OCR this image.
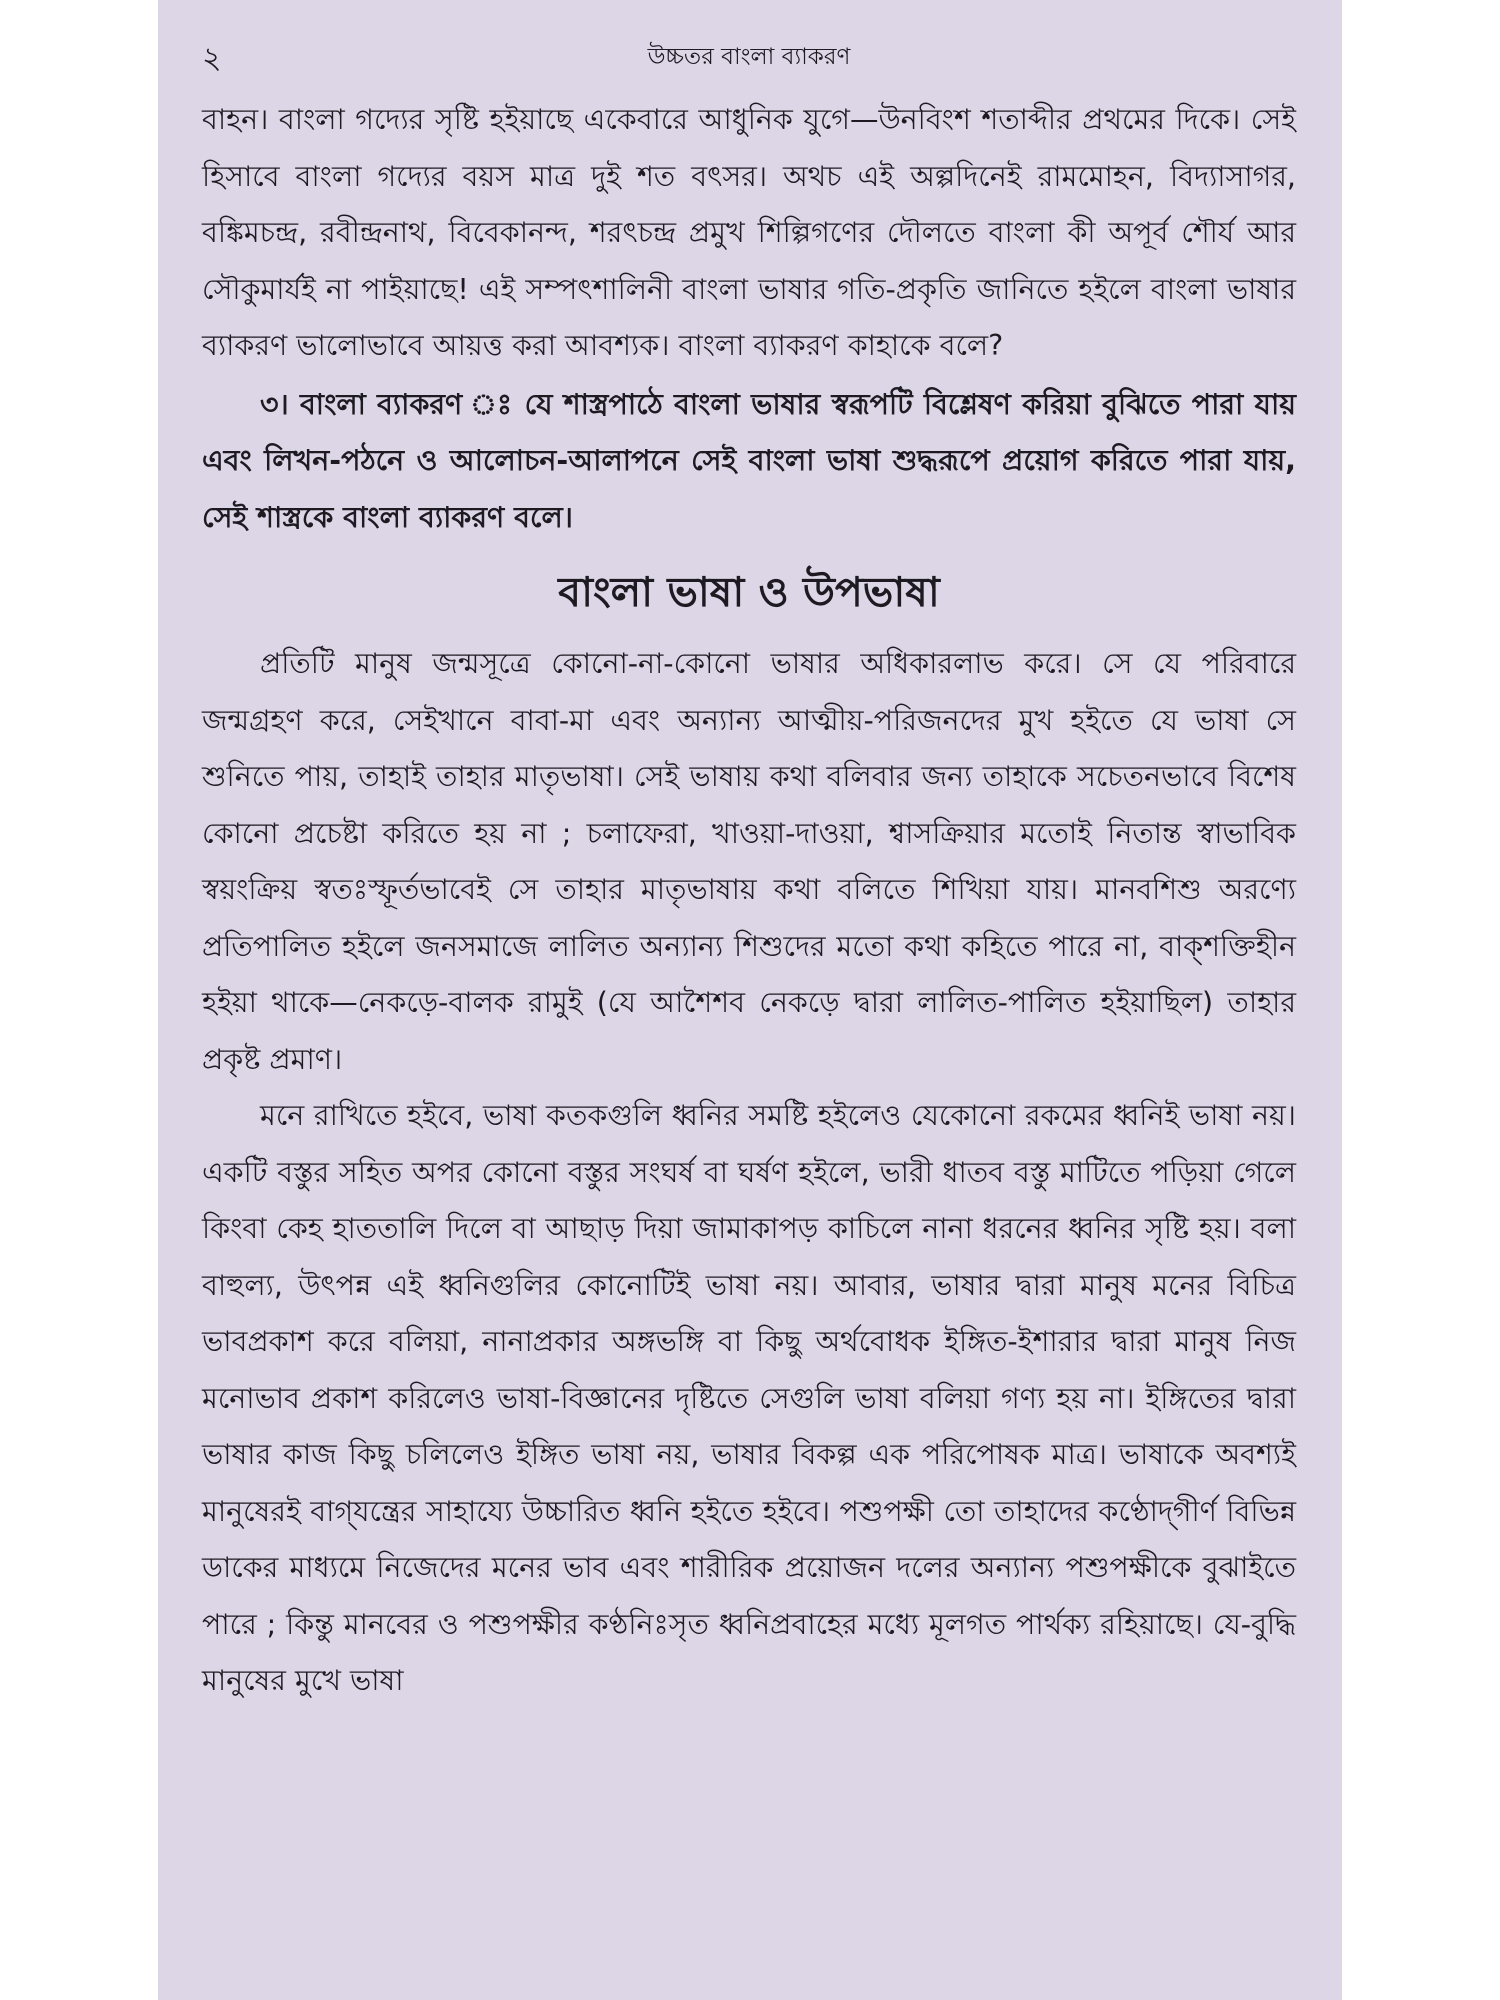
২	উচ্চতর বাংলা ব্যাকরণ

বাহন। বাংলা গদ্যের সৃষ্টি হইয়াছে একেবারে আধুনিক যুগে—উনবিংশ শতাব্দীর প্রথমের দিকে। সেই হিসাবে বাংলা গদ্যের বয়স মাত্র দুই শত বৎসর। অথচ এই অল্পদিনেই রামমোহন, বিদ্যাসাগর, বঙ্কিমচন্দ্র, রবীন্দ্রনাথ, বিবেকানন্দ, শরৎচন্দ্র প্রমুখ শিল্পিগণের দৌলতে বাংলা কী অপূর্ব শৌর্য আর সৌকুমার্যই না পাইয়াছে! এই সম্পৎশালিনী বাংলা ভাষার গতি-প্রকৃতি জানিতে হইলে বাংলা ভাষার ব্যাকরণ ভালোভাবে আয়ত্ত করা আবশ্যক। বাংলা ব্যাকরণ কাহাকে বলে?

৩। বাংলা ব্যাকরণ ঃ যে শাস্ত্রপাঠে বাংলা ভাষার স্বরূপটি বিশ্লেষণ করিয়া বুঝিতে পারা যায় এবং লিখন-পঠনে ও আলোচন-আলাপনে সেই বাংলা ভাষা শুদ্ধরূপে প্রয়োগ করিতে পারা যায়, সেই শাস্ত্রকে বাংলা ব্যাকরণ বলে।

বাংলা ভাষা ও উপভাষা

প্রতিটি মানুষ জন্মসূত্রে কোনো-না-কোনো ভাষার অধিকারলাভ করে। সে যে পরিবারে জন্মগ্রহণ করে, সেইখানে বাবা-মা এবং অন্যান্য আত্মীয়-পরিজনদের মুখ হইতে যে ভাষা সে শুনিতে পায়, তাহাই তাহার মাতৃভাষা। সেই ভাষায় কথা বলিবার জন্য তাহাকে সচেতনভাবে বিশেষ কোনো প্রচেষ্টা করিতে হয় না ; চলাফেরা, খাওয়া-দাওয়া, শ্বাসক্রিয়ার মতোই নিতান্ত স্বাভাবিক স্বয়ংক্রিয় স্বতঃস্ফূর্তভাবেই সে তাহার মাতৃভাষায় কথা বলিতে শিখিয়া যায়। মানবশিশু অরণ্যে প্রতিপালিত হইলে জনসমাজে লালিত অন্যান্য শিশুদের মতো কথা কহিতে পারে না, বাক্‌শক্তিহীন হইয়া থাকে—নেকড়ে-বালক রামুই (যে আশৈশব নেকড়ে দ্বারা লালিত-পালিত হইয়াছিল) তাহার প্রকৃষ্ট প্রমাণ।

মনে রাখিতে হইবে, ভাষা কতকগুলি ধ্বনির সমষ্টি হইলেও যেকোনো রকমের ধ্বনিই ভাষা নয়। একটি বস্তুর সহিত অপর কোনো বস্তুর সংঘর্ষ বা ঘর্ষণ হইলে, ভারী ধাতব বস্তু মাটিতে পড়িয়া গেলে কিংবা কেহ হাততালি দিলে বা আছাড় দিয়া জামাকাপড় কাচিলে নানা ধরনের ধ্বনির সৃষ্টি হয়। বলা বাহুল্য, উৎপন্ন এই ধ্বনিগুলির কোনোটিই ভাষা নয়। আবার, ভাষার দ্বারা মানুষ মনের বিচিত্র ভাবপ্রকাশ করে বলিয়া, নানাপ্রকার অঙ্গভঙ্গি বা কিছু অর্থবোধক ইঙ্গিত-ইশারার দ্বারা মানুষ নিজ মনোভাব প্রকাশ করিলেও ভাষা-বিজ্ঞানের দৃষ্টিতে সেগুলি ভাষা বলিয়া গণ্য হয় না। ইঙ্গিতের দ্বারা ভাষার কাজ কিছু চলিলেও ইঙ্গিত ভাষা নয়, ভাষার বিকল্প এক পরিপোষক মাত্র। ভাষাকে অবশ্যই মানুষেরই বাগ্‌যন্ত্রের সাহায্যে উচ্চারিত ধ্বনি হইতে হইবে। পশুপক্ষী তো তাহাদের কণ্ঠোদ্‌গীর্ণ বিভিন্ন ডাকের মাধ্যমে নিজেদের মনের ভাব এবং শারীরিক প্রয়োজন দলের অন্যান্য পশুপক্ষীকে বুঝাইতে পারে ; কিন্তু মানবের ও পশুপক্ষীর কণ্ঠনিঃসৃত ধ্বনিপ্রবাহের মধ্যে মূলগত পার্থক্য রহিয়াছে। যে-বুদ্ধি মানুষের মুখে ভাষা
